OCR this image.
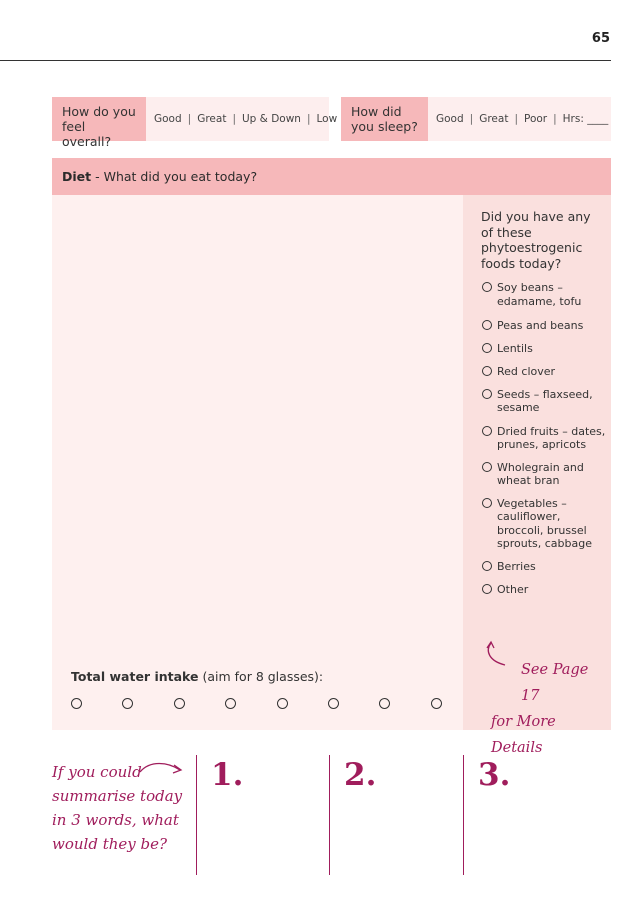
65
How do you feel overall?
Good | Great | Up & Down | Low	How did you sleep?	Good | Great | Poor | Hrs: ____
Diet - What did you eat today?
Total water intake (aim for 8 glasses):
Did you have any of these phytoestrogenic foods today?
Soy beans – edamame, tofu
Peas and beans
Lentils
Red clover
Seeds – flaxseed, sesame
Dried fruits – dates, prunes, apricots
Wholegrain and wheat bran
Vegetables – cauliflower, broccoli, brussel sprouts, cabbage
Berries
Other
See Page 17
for More Details
If you could summarise today in 3 words, what would they be?
1.	2.	3.
